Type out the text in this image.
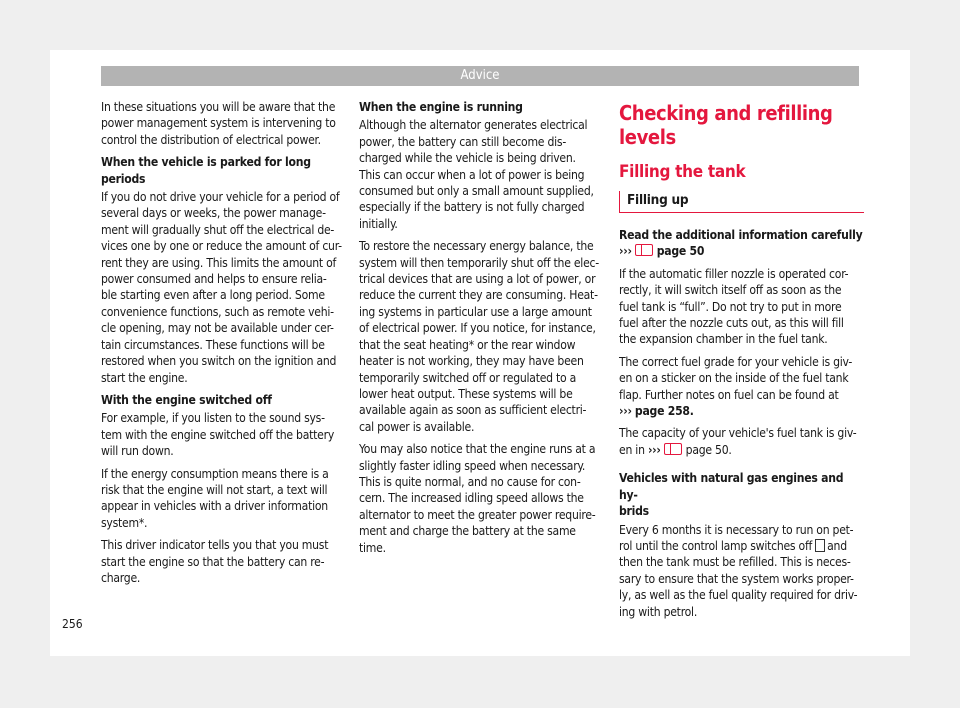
Advice

In these situations you will be aware that the
power management system is intervening to
control the distribution of electrical power.

When the vehicle is parked for long periods

If you do not drive your vehicle for a period of
several days or weeks, the power manage-
ment will gradually shut off the electrical de-
vices one by one or reduce the amount of cur-
rent they are using. This limits the amount of
power consumed and helps to ensure relia-
ble starting even after a long period. Some
convenience functions, such as remote vehi-
cle opening, may not be available under cer-
tain circumstances. These functions will be
restored when you switch on the ignition and
start the engine.

With the engine switched off

For example, if you listen to the sound sys-
tem with the engine switched off the battery
will run down.

If the energy consumption means there is a
risk that the engine will not start, a text will
appear in vehicles with a driver information
system*.

This driver indicator tells you that you must
start the engine so that the battery can re-
charge.

When the engine is running

Although the alternator generates electrical
power, the battery can still become dis-
charged while the vehicle is being driven.
This can occur when a lot of power is being
consumed but only a small amount supplied,
especially if the battery is not fully charged
initially.

To restore the necessary energy balance, the
system will then temporarily shut off the elec-
trical devices that are using a lot of power, or
reduce the current they are consuming. Heat-
ing systems in particular use a large amount
of electrical power. If you notice, for instance,
that the seat heating* or the rear window
heater is not working, they may have been
temporarily switched off or regulated to a
lower heat output. These systems will be
available again as soon as sufficient electri-
cal power is available.

You may also notice that the engine runs at a
slightly faster idling speed when necessary.
This is quite normal, and no cause for con-
cern. The increased idling speed allows the
alternator to meet the greater power require-
ment and charge the battery at the same
time.

Checking and refilling levels
Filling the tank
Filling up

Read the additional information carefully
››› page 50

If the automatic filler nozzle is operated cor-
rectly, it will switch itself off as soon as the
fuel tank is “full”. Do not try to put in more
fuel after the nozzle cuts out, as this will fill
the expansion chamber in the fuel tank.

The correct fuel grade for your vehicle is giv-
en on a sticker on the inside of the fuel tank
flap. Further notes on fuel can be found at
››› page 258.

The capacity of your vehicle's fuel tank is giv-
en in ››› page 50.

Vehicles with natural gas engines and hy-
brids

Every 6 months it is necessary to run on pet-
rol until the control lamp switches off and
then the tank must be refilled. This is neces-
sary to ensure that the system works proper-
ly, as well as the fuel quality required for driv-
ing with petrol.

256
